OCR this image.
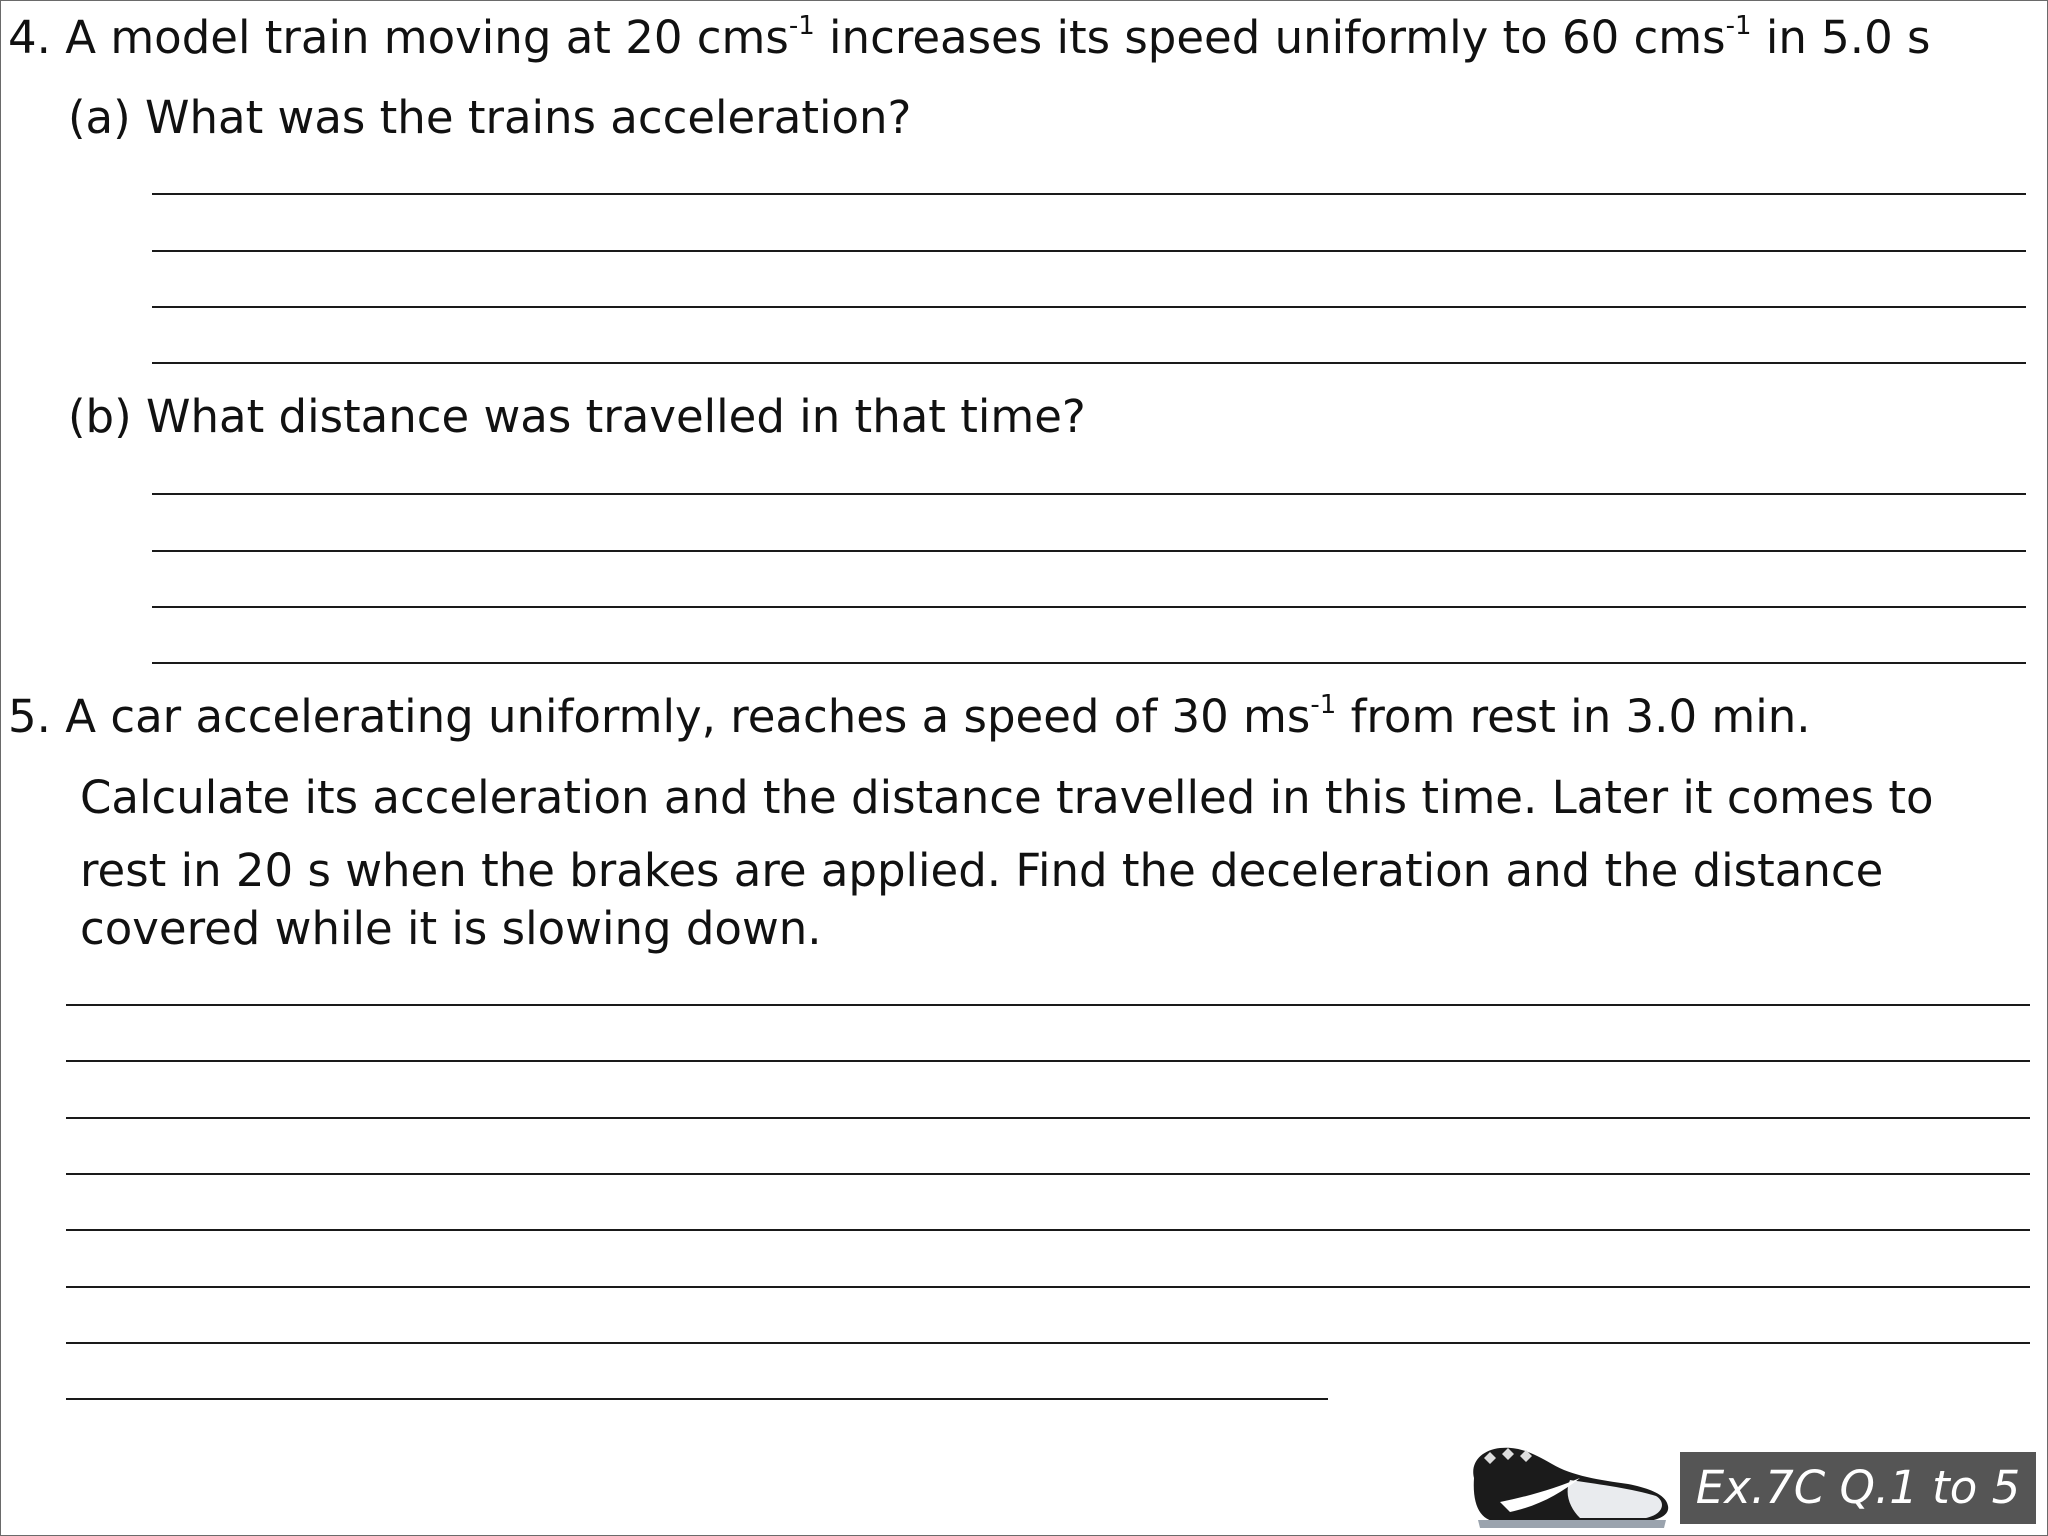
4. A model train moving at 20 cms$^{-1}$ increases its speed uniformly to 60 cms$^{-1}$ in 5.0 s

(a) What was the trains acceleration?

(b) What distance was travelled in that time?

5. A car accelerating uniformly, reaches a speed of 30 $ms^{-1}$ from rest in 3.0 min.

Calculate its acceleration and the distance travelled in this time. Later it comes to

rest in 20 s when the brakes are applied. Find the deceleration and the distance

covered while it is slowing down.

Ex.7C Q.1 to 5
